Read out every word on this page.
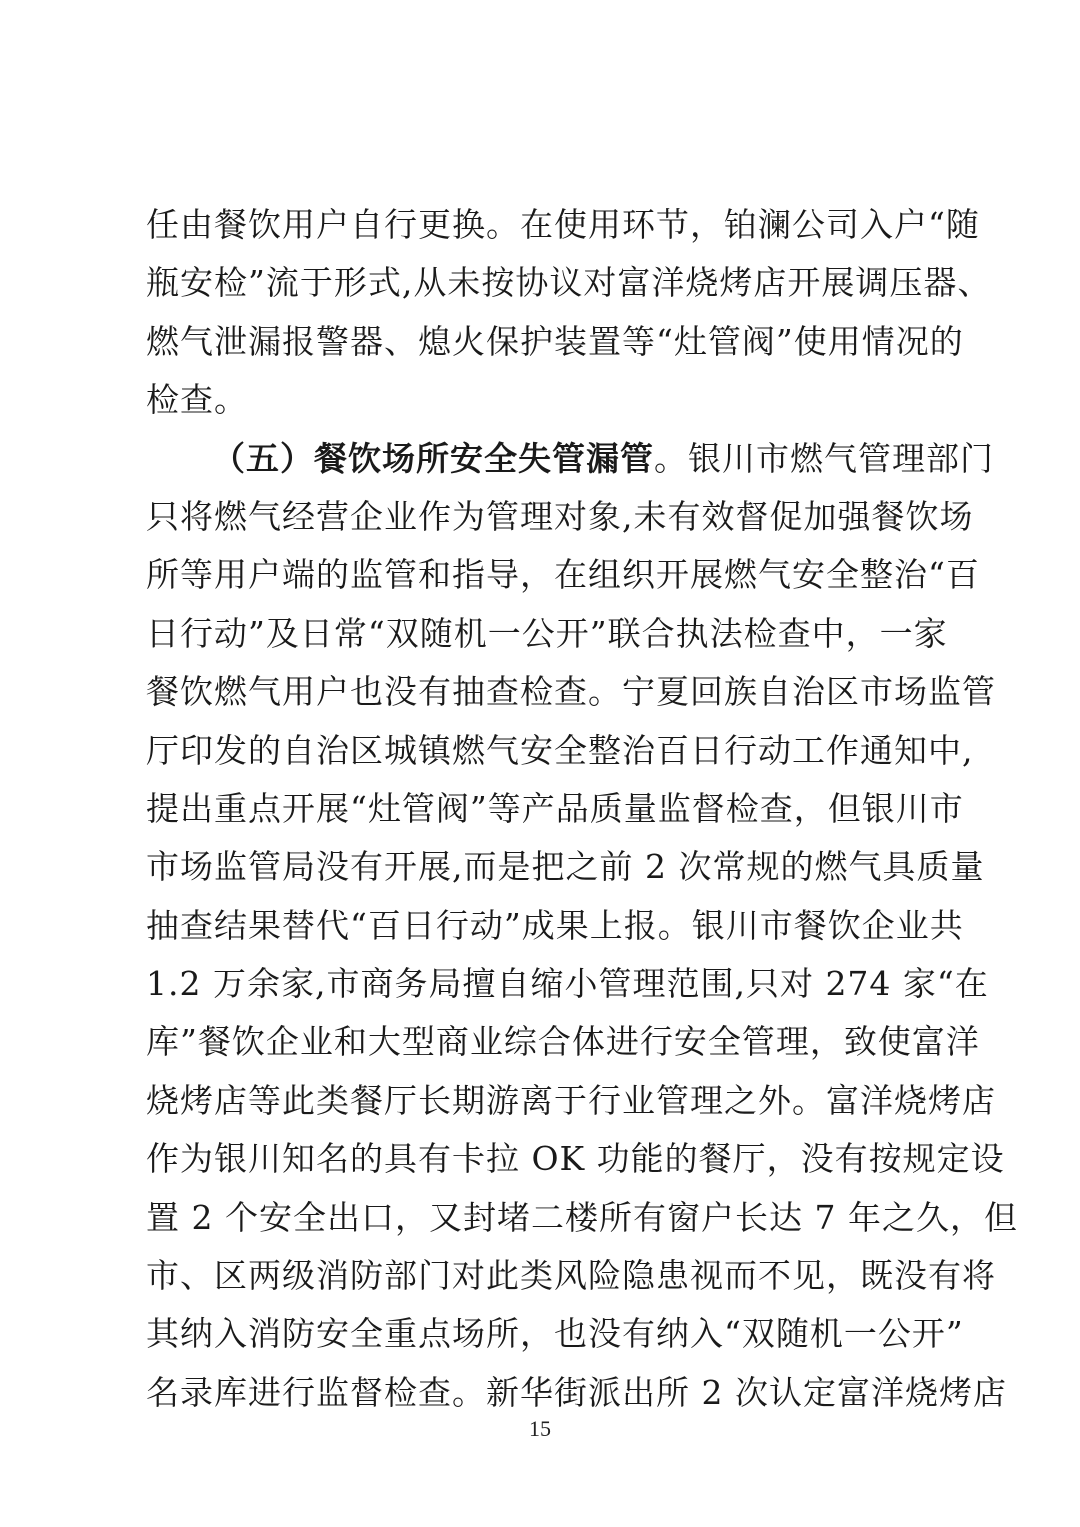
任由餐饮用户自行更换。在使用环节，铂澜公司入户“随
瓶安检”流于形式,从未按协议对富洋烧烤店开展调压器、
燃气泄漏报警器、熄火保护装置等“灶管阀”使用情况的
检查。
（五）餐饮场所安全失管漏管。银川市燃气管理部门
只将燃气经营企业作为管理对象,未有效督促加强餐饮场
所等用户端的监管和指导，在组织开展燃气安全整治“百
日行动”及日常“双随机一公开”联合执法检查中，一家
餐饮燃气用户也没有抽查检查。宁夏回族自治区市场监管
厅印发的自治区城镇燃气安全整治百日行动工作通知中,
提出重点开展“灶管阀”等产品质量监督检查，但银川市
市场监管局没有开展,而是把之前 2 次常规的燃气具质量
抽查结果替代“百日行动”成果上报。银川市餐饮企业共
1.2 万余家,市商务局擅自缩小管理范围,只对 274 家“在
库”餐饮企业和大型商业综合体进行安全管理，致使富洋
烧烤店等此类餐厅长期游离于行业管理之外。富洋烧烤店
作为银川知名的具有卡拉 OK 功能的餐厅，没有按规定设
置 2 个安全出口，又封堵二楼所有窗户长达 7 年之久，但
市、区两级消防部门对此类风险隐患视而不见，既没有将
其纳入消防安全重点场所，也没有纳入“双随机一公开”
名录库进行监督检查。新华街派出所 2 次认定富洋烧烤店
15
